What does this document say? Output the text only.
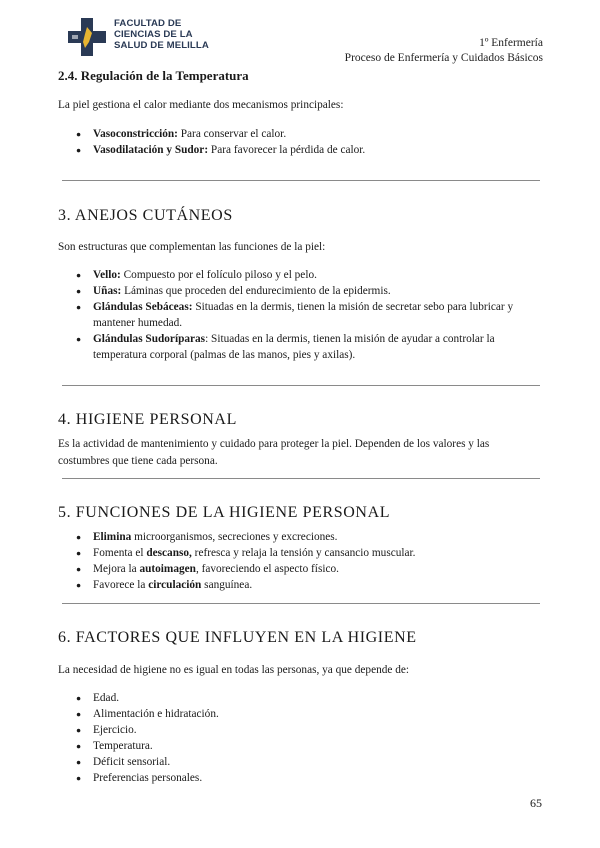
FACULTAD DE
CIENCIAS DE LA
SALUD DE MELILLA	1º Enfermería
Proceso de Enfermería y Cuidados Básicos
2.4. Regulación de la Temperatura

La piel gestiona el calor mediante dos mecanismos principales:

● Vasoconstricción: Para conservar el calor.
● Vasodilatación y Sudor: Para favorecer la pérdida de calor.
3. ANEJOS CUTÁNEOS

Son estructuras que complementan las funciones de la piel:

● Vello: Compuesto por el folículo piloso y el pelo.
● Uñas: Láminas que proceden del endurecimiento de la epidermis.
● Glándulas Sebáceas: Situadas en la dermis, tienen la misión de secretar sebo para lubricar y mantener humedad.
● Glándulas Sudoríparas: Situadas en la dermis, tienen la misión de ayudar a controlar la temperatura corporal (palmas de las manos, pies y axilas).
4. HIGIENE PERSONAL

Es la actividad de mantenimiento y cuidado para proteger la piel. Dependen de los valores y las costumbres que tiene cada persona.

5. FUNCIONES DE LA HIGIENE PERSONAL
● Elimina microorganismos, secreciones y excreciones.
● Fomenta el descanso, refresca y relaja la tensión y cansancio muscular.
● Mejora la autoimagen, favoreciendo el aspecto físico.
● Favorece la circulación sanguínea.
6. FACTORES QUE INFLUYEN EN LA HIGIENE

La necesidad de higiene no es igual en todas las personas, ya que depende de:

● Edad.
● Alimentación e hidratación.
● Ejercicio.
● Temperatura.
● Déficit sensorial.
● Preferencias personales.
65
